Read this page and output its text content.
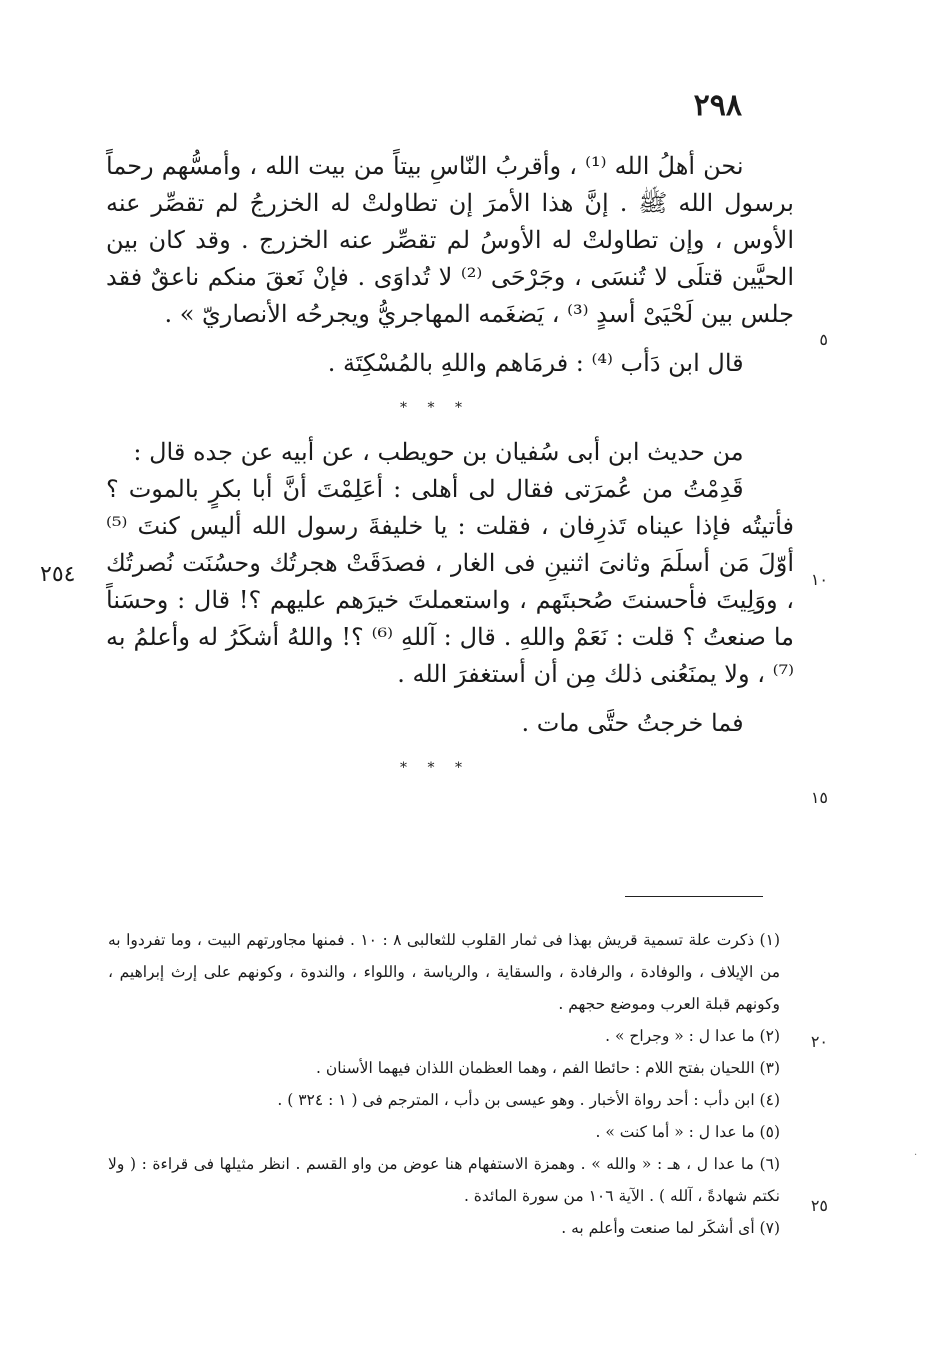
٢٩٨

نحن أهلُ الله ⁽¹⁾ ، وأقربُ النّاسِ بيتاً من بيت الله ، وأمسُّهم رحماً برسول الله ﷺ . إنَّ هذا الأمرَ إن تطاولتْ له الخزرجُ لم تقصِّر عنه الأوس ، وإن تطاولتْ له الأوسُ لم تقصِّر عنه الخزرج . وقد كان بين الحيَّين قتلَى لا تُنسَى ، وجَرْحَى ⁽²⁾ لا تُداوَى . فإنْ نَعقَ منكم ناعقٌ فقد جلس بين لَحْيَىْ أسدٍ ⁽³⁾ ، يَضغَمه المهاجريُّ ويجرحُه الأنصاريّ » .

قال ابن دَأب ⁽⁴⁾ : فرمَاهم واللهِ بالمُسْكِتَة .

* * *

من حديث ابن أبى سُفيان بن حويطب ، عن أبيه عن جده قال :

قَدِمْتُ من عُمرَتى فقال لى أهلى : أعَلِمْتَ أنَّ أبا بكرٍ بالموت ؟ فأتيتُه فإذا عيناه تَذرِفان ، فقلت : يا خليفةَ رسول الله أليس كنتَ ⁽⁵⁾ أوّلَ مَن أسلَمَ وثانىَ اثنينِ فى الغار ، فصدَقَتْ هجرتُك وحسُنَت نُصرتُك ، ووَلِيتَ فأحسنتَ صُحبتَهم ، واستعملتَ خيرَهم عليهم ؟! قال : وحسَناً ما صنعتُ ؟ قلت : نَعَمْ واللهِ . قال : آللهِ ⁽⁶⁾ ؟! واللهُ أشكَرُ له وأعلمُ به ⁽⁷⁾ ، ولا يمنَعُنى ذلك مِن أن أستغفرَ الله .

فما خرجتُ حتَّى مات .

* * *
٥
١٠
١٥
٢٠
٢٥
٢٥٤

(١) ذكرت علة تسمية قريش بهذا فى ثمار القلوب للثعالبى ٨ : ١٠ . فمنها مجاورتهم البيت ، وما تفردوا به من الإيلاف ، والوفادة ، والرفادة ، والسقاية ، والرياسة ، واللواء ، والندوة ، وكونهم على إرث إبراهيم ، وكونهم قبلة العرب وموضع حجهم .

(٢) ما عدا ل : « وجراح » .

(٣) اللحيان بفتح اللام : حائطا الفم ، وهما العظمان اللذان فيهما الأسنان .

(٤) ابن دأب : أحد رواة الأخبار . وهو عيسى بن دأب ، المترجم فى ( ١ : ٣٢٤ ) .

(٥) ما عدا ل : « أما كنت » .

(٦) ما عدا ل ، هـ : « والله » . وهمزة الاستفهام هنا عوض من واو القسم . انظر مثيلها فى قراءة : ( ولا نكتم شهادةً ، آلله ) . الآية ١٠٦ من سورة المائدة .

(٧) أى أشكَر لما صنعت وأعلم به .

·
